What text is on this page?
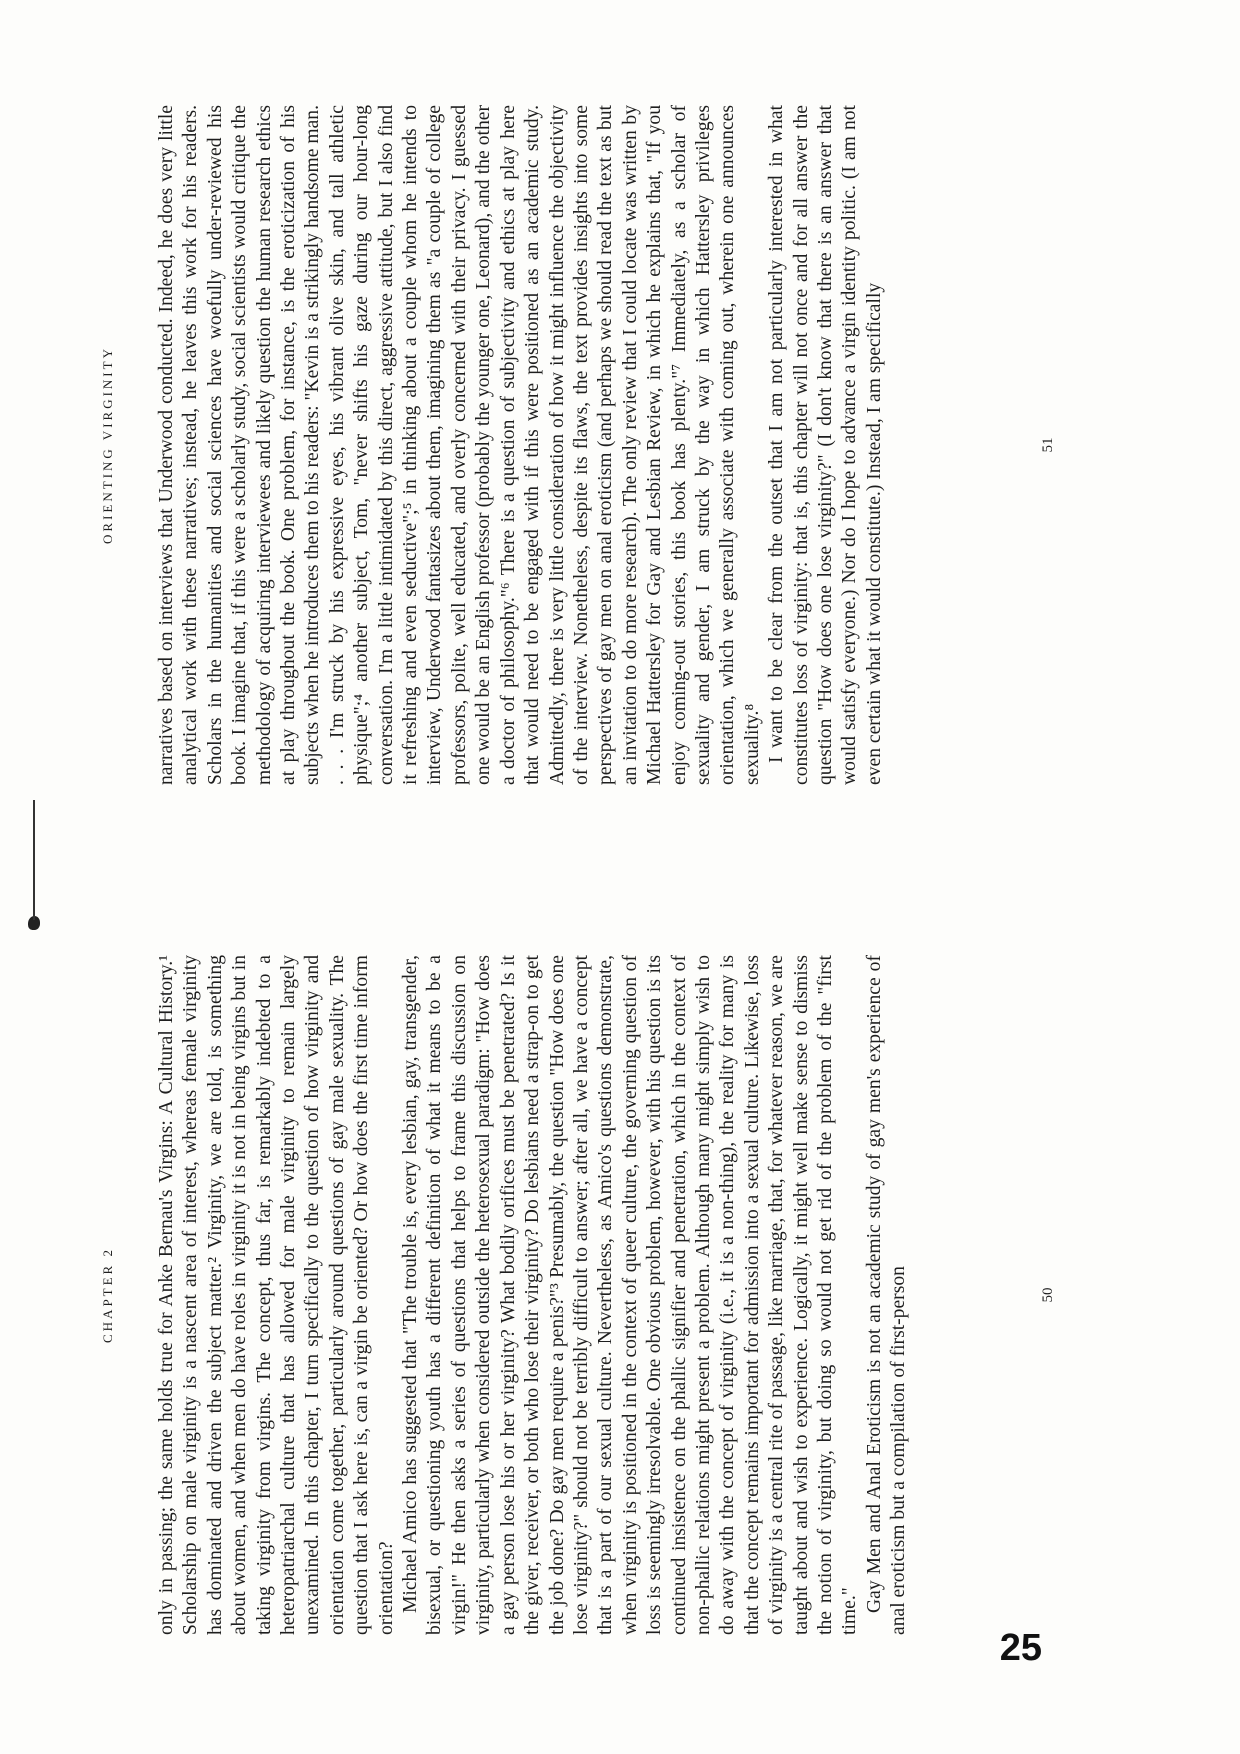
CHAPTER 2 only in passing; the same holds true for Anke Bernau's Virgins: A Cultural History.¹ Scholarship on male virginity is a nascent area of interest, whereas female virginity has dominated and driven the subject matter.² Virginity, we are told, is something about women, and when men do have roles in virginity it is not in being virgins but in taking virginity from virgins. The concept, thus far, is remarkably indebted to a heteropatriarchal culture that has allowed for male virginity to remain largely unexamined. In this chapter, I turn specifically to the question of how virginity and orientation come together, particularly around questions of gay male sexuality. The question that I ask here is, can a virgin be oriented? Or how does the first time inform orientation? Michael Amico has suggested that "The trouble is, every lesbian, gay, transgender, bisexual, or questioning youth has a different definition of what it means to be a virgin!" He then asks a series of questions that helps to frame this discussion on virginity, particularly when considered outside the heterosexual paradigm: "How does a gay person lose his or her virginity? What bodily orifices must be penetrated? Is it the giver, receiver, or both who lose their virginity? Do lesbians need a strap-on to get the job done? Do gay men require a penis?"³ Presumably, the question "How does one lose virginity?" should not be terribly difficult to answer; after all, we have a concept that is a part of our sexual culture. Nevertheless, as Amico's questions demonstrate, when virginity is positioned in the context of queer culture, the governing question of loss is seemingly irresolvable. One obvious problem, however, with his question is its continued insistence on the phallic signifier and penetration, which in the context of non-phallic relations might present a problem. Although many might simply wish to do away with the concept of virginity (i.e., it is a non-thing), the reality for many is that the concept remains important for admission into a sexual culture. Likewise, loss of virginity is a central rite of passage, like marriage, that, for whatever reason, we are taught about and wish to experience. Logically, it might well make sense to dismiss the notion of virginity, but doing so would not get rid of the problem of the "first time." Gay Men and Anal Eroticism is not an academic study of gay men's experience of anal eroticism but a compilation of first-person	50
ORIENTING VIRGINITY narratives based on interviews that Underwood conducted. Indeed, he does very little analytical work with these narratives; instead, he leaves this work for his readers. Scholars in the humanities and social sciences have woefully under-reviewed his book. I imagine that, if this were a scholarly study, social scientists would critique the methodology of acquiring interviewees and likely question the human research ethics at play throughout the book. One problem, for instance, is the eroticization of his subjects when he introduces them to his readers: "Kevin is a strikingly handsome man. . . . I'm struck by his expressive eyes, his vibrant olive skin, and tall athletic physique";⁴ another subject, Tom, "never shifts his gaze during our hour-long conversation. I'm a little intimidated by this direct, aggressive attitude, but I also find it refreshing and even seductive";⁵ in thinking about a couple whom he intends to interview, Underwood fantasizes about them, imagining them as "a couple of college professors, polite, well educated, and overly concerned with their privacy. I guessed one would be an English professor (probably the younger one, Leonard), and the other a doctor of philosophy."⁶ There is a question of subjectivity and ethics at play here that would need to be engaged with if this were positioned as an academic study. Admittedly, there is very little consideration of how it might influence the objectivity of the interview. Nonetheless, despite its flaws, the text provides insights into some perspectives of gay men on anal eroticism (and perhaps we should read the text as but an invitation to do more research). The only review that I could locate was written by Michael Hattersley for Gay and Lesbian Review, in which he explains that, "If you enjoy coming-out stories, this book has plenty."⁷ Immediately, as a scholar of sexuality and gender, I am struck by the way in which Hattersley privileges orientation, which we generally associate with coming out, wherein one announces sexuality.⁸ I want to be clear from the outset that I am not particularly interested in what constitutes loss of virginity: that is, this chapter will not once and for all answer the question "How does one lose virginity?" (I don't know that there is an answer that would satisfy everyone.) Nor do I hope to advance a virgin identity politic. (I am not even certain what it would constitute.) Instead, I am specifically	51
25
